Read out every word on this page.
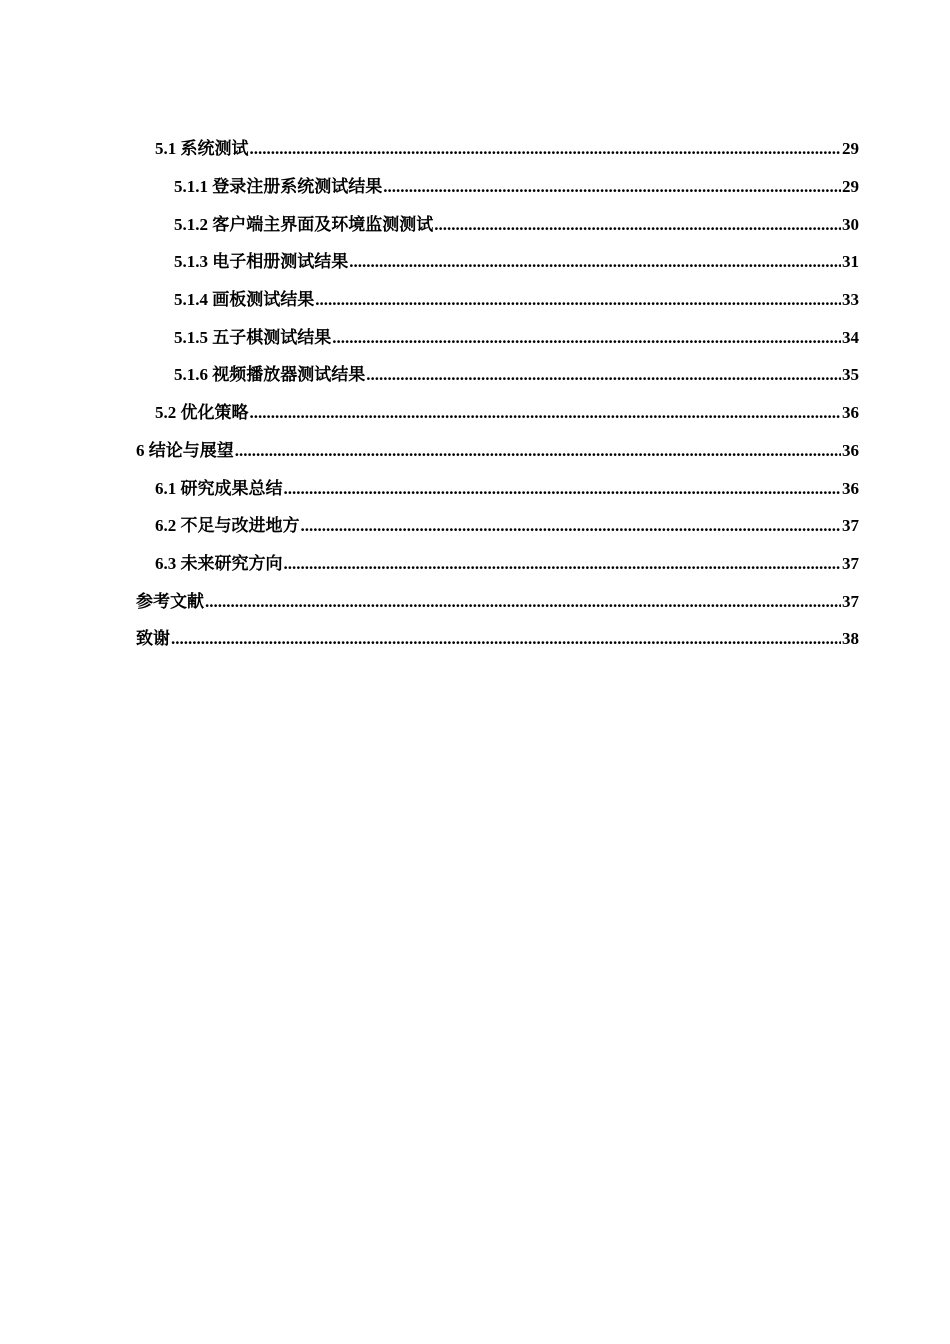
5.1 系统测试 .....	29
5.1.1 登录注册系统测试结果 .....	29
5.1.2 客户端主界面及环境监测测试 .....	30
5.1.3 电子相册测试结果 .....	31
5.1.4 画板测试结果 .....	33
5.1.5 五子棋测试结果 .....	34
5.1.6 视频播放器测试结果 .....	35
5.2 优化策略 .....	36
6 结论与展望 .....	36
6.1 研究成果总结 .....	36
6.2 不足与改进地方 .....	37
6.3 未来研究方向 .....	37
参考文献 .....	37
致谢 .....	38
